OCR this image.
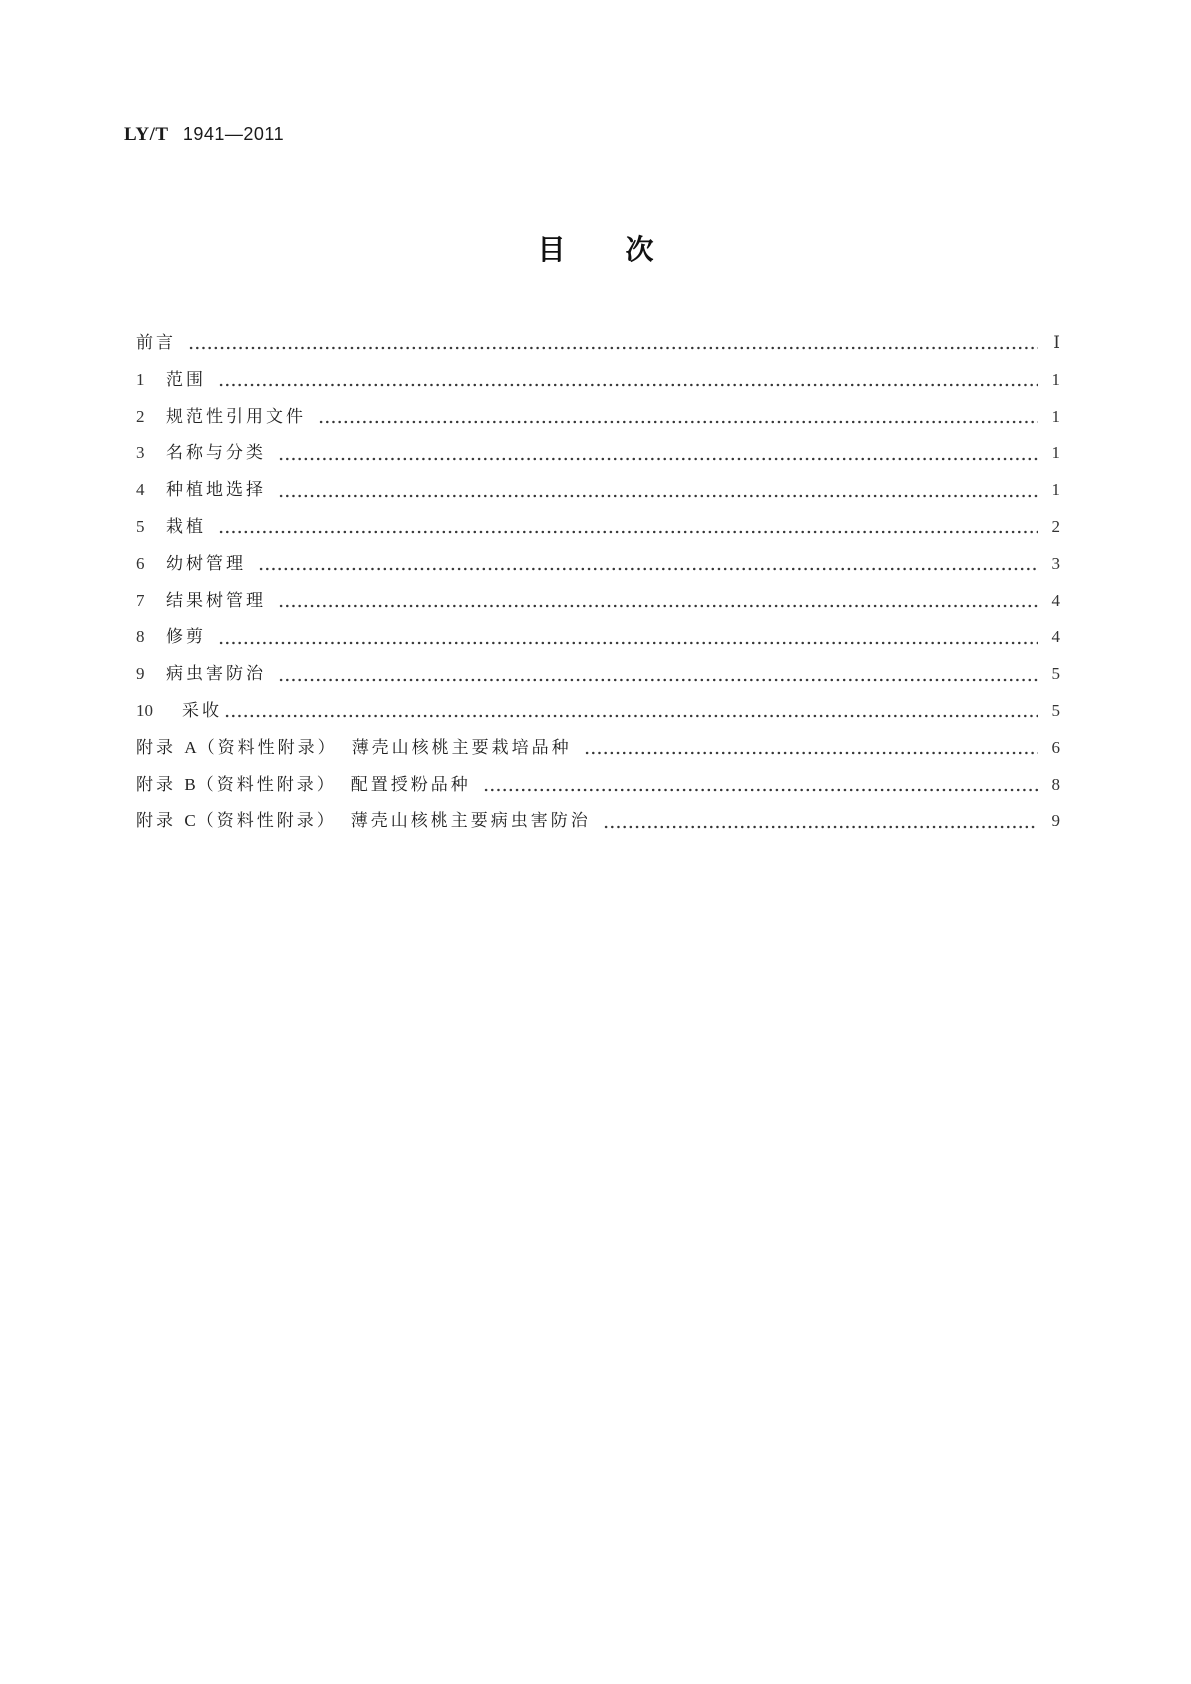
LY/T 1941—2011
目 次
前言	Ⅰ
1	范围	1
2	规范性引用文件	1
3	名称与分类	1
4	种植地选择	1
5	栽植	2
6	幼树管理	3
7	结果树管理	4
8	修剪	4
9	病虫害防治	5
10	采收	5
附录 A（资料性附录） 薄壳山核桃主要栽培品种	6
附录 B（资料性附录） 配置授粉品种	8
附录 C（资料性附录） 薄壳山核桃主要病虫害防治	9
